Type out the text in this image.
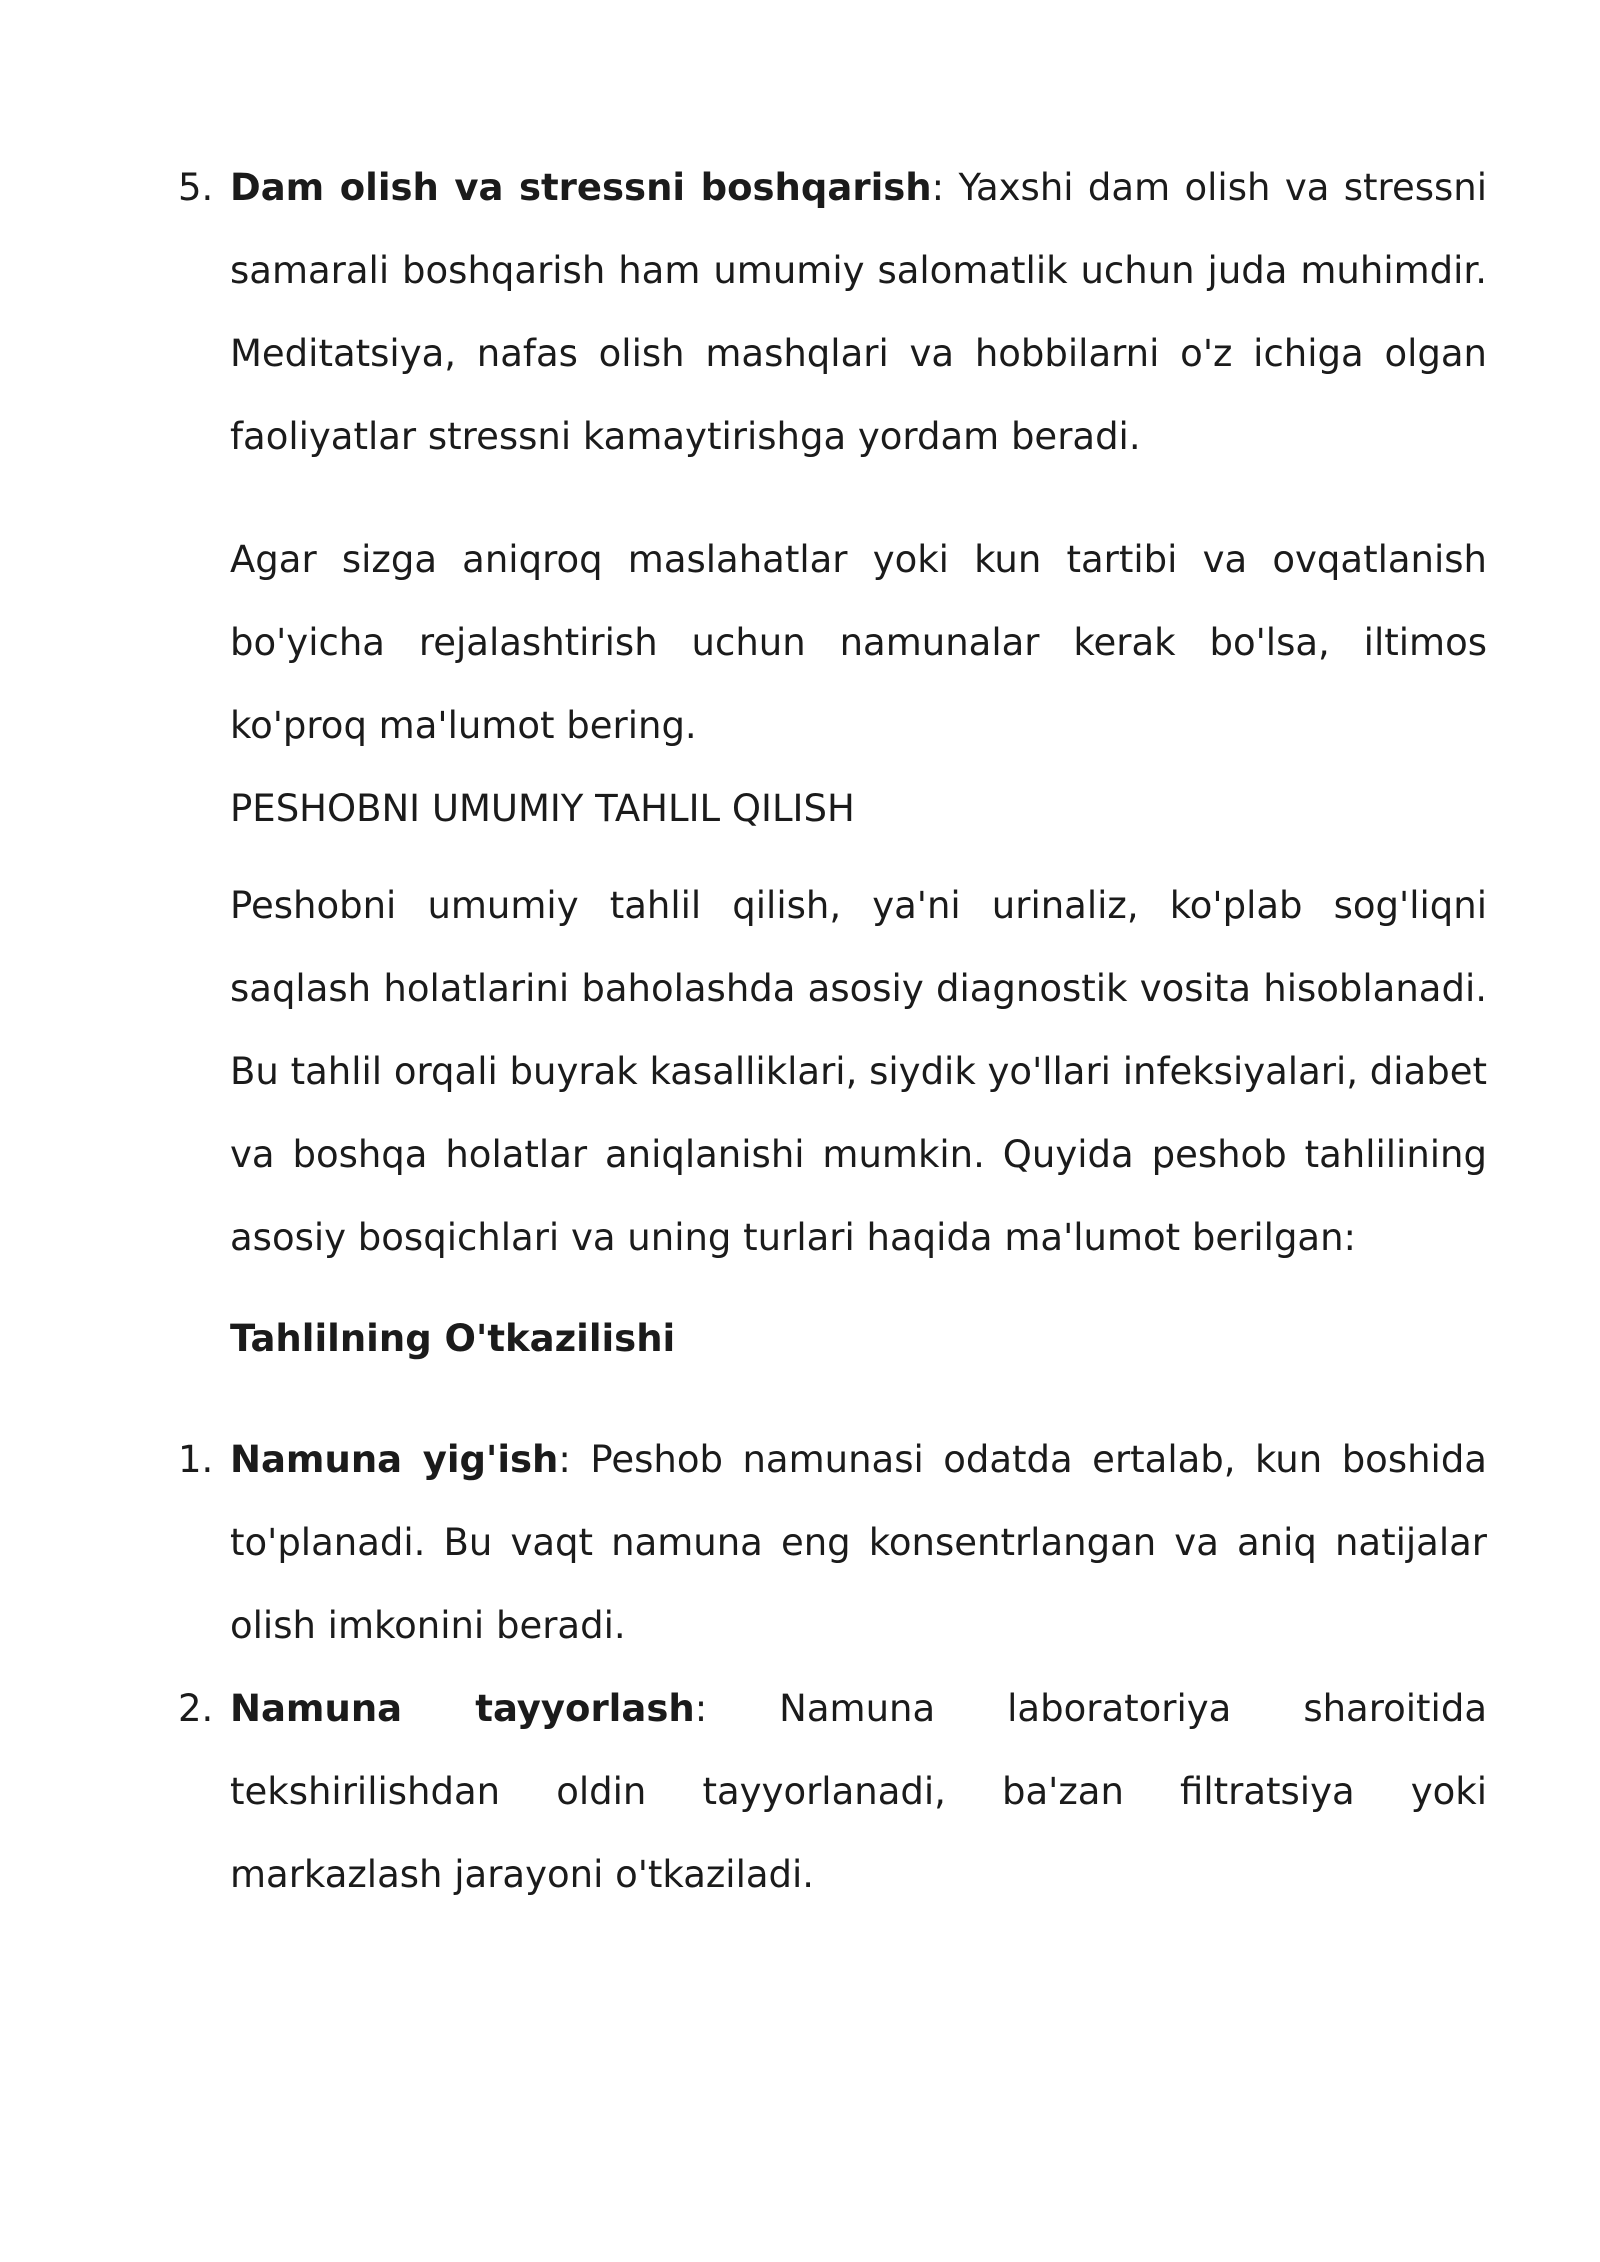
5. Dam olish va stressni boshqarish: Yaxshi dam olish va stressni samarali boshqarish ham umumiy salomatlik uchun juda muhimdir. Meditatsiya, nafas olish mashqlari va hobbilarni o'z ichiga olgan faoliyatlar stressni kamaytirishga yordam beradi.

Agar sizga aniqroq maslahatlar yoki kun tartibi va ovqatlanish bo'yicha rejalashtirish uchun namunalar kerak bo'lsa, iltimos ko'proq ma'lumot bering.

PESHOBNI UMUMIY TAHLIL QILISH

Peshobni umumiy tahlil qilish, ya'ni urinaliz, ko'plab sog'liqni saqlash holatlarini baholashda asosiy diagnostik vosita hisoblanadi. Bu tahlil orqali buyrak kasalliklari, siydik yo'llari infeksiyalari, diabet va boshqa holatlar aniqlanishi mumkin. Quyida peshob tahlilining asosiy bosqichlari va uning turlari haqida ma'lumot berilgan:

Tahlilning O'tkazilishi

1. Namuna yig'ish: Peshob namunasi odatda ertalab, kun boshida to'planadi. Bu vaqt namuna eng konsentrlangan va aniq natijalar olish imkonini beradi.

2. Namuna tayyorlash: Namuna laboratoriya sharoitida tekshirilishdan oldin tayyorlanadi, ba'zan filtratsiya yoki markazlash jarayoni o'tkaziladi.
